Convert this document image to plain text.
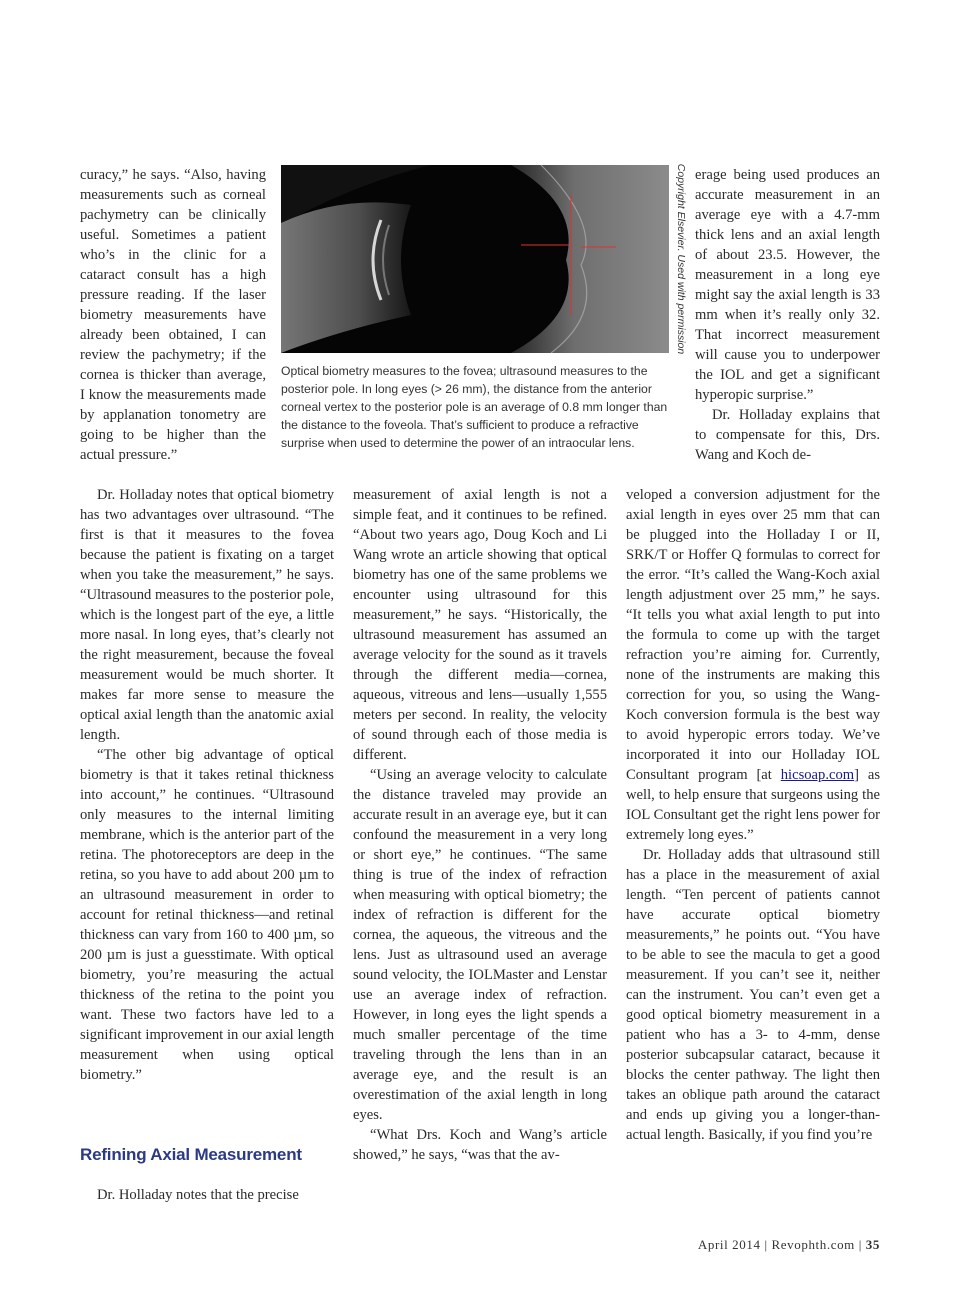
curacy,” he says. “Also, having measurements such as corneal pachymetry can be clinically useful. Sometimes a patient who’s in the clinic for a cataract consult has a high pressure reading. If the laser biometry measurements have already been obtained, I can review the pachymetry; if the cornea is thicker than average, I know the measurements made by applanation tonometry are going to be higher than the actual pressure.”

Copyright Elsevier. Used with permission

Optical biometry measures to the fovea; ultrasound measures to the posterior pole. In long eyes (> 26 mm), the distance from the anterior corneal vertex to the posterior pole is an average of 0.8 mm longer than the distance to the foveola. That’s sufficient to produce a refractive surprise when used to determine the power of an intraocular lens.

Dr. Holladay notes that optical biometry has two advantages over ultrasound. “The first is that it measures to the fovea because the patient is fixating on a target when you take the measurement,” he says. “Ultrasound measures to the posterior pole, which is the longest part of the eye, a little more nasal. In long eyes, that’s clearly not the right measurement, because the foveal measurement would be much shorter. It makes far more sense to measure the optical axial length than the anatomic axial length.

“The other big advantage of optical biometry is that it takes retinal thickness into account,” he continues. “Ultrasound only measures to the internal limiting membrane, which is the anterior part of the retina. The photoreceptors are deep in the retina, so you have to add about 200 µm to an ultrasound measurement in order to account for retinal thickness—and retinal thickness can vary from 160 to 400 µm, so 200 µm is just a guesstimate. With optical biometry, you’re measuring the actual thickness of the retina to the point you want. These two factors have led to a significant improvement in our axial length measurement when using optical biometry.”

Refining Axial Measurement

Dr. Holladay notes that the precise

measurement of axial length is not a simple feat, and it continues to be refined. “About two years ago, Doug Koch and Li Wang wrote an article showing that optical biometry has one of the same problems we encounter using ultrasound for this measurement,” he says. “Historically, the ultrasound measurement has assumed an average velocity for the sound as it travels through the different media—cornea, aqueous, vitreous and lens—usually 1,555 meters per second. In reality, the velocity of sound through each of those media is different.

“Using an average velocity to calculate the distance traveled may provide an accurate result in an average eye, but it can confound the measurement in a very long or short eye,” he continues. “The same thing is true of the index of refraction when measuring with optical biometry; the index of refraction is different for the cornea, the aqueous, the vitreous and the lens. Just as ultrasound used an average sound velocity, the IOLMaster and Lenstar use an average index of refraction. However, in long eyes the light spends a much smaller percentage of the time traveling through the lens than in an average eye, and the result is an overestimation of the axial length in long eyes.

“What Drs. Koch and Wang’s article showed,” he says, “was that the av-

erage being used produces an accurate measurement in an average eye with a 4.7-mm thick lens and an axial length of about 23.5. However, the measurement in a long eye might say the axial length is 33 mm when it’s really only 32. That incorrect measurement will cause you to underpower the IOL and get a significant hyperopic surprise.”

Dr. Holladay explains that to compensate for this, Drs. Wang and Koch de-

veloped a conversion adjustment for the axial length in eyes over 25 mm that can be plugged into the Holladay I or II, SRK/T or Hoffer Q formulas to correct for the error. “It’s called the Wang-Koch axial length adjustment over 25 mm,” he says. “It tells you what axial length to put into the formula to come up with the target refraction you’re aiming for. Currently, none of the instruments are making this correction for you, so using the Wang-Koch conversion formula is the best way to avoid hyperopic errors today. We’ve incorporated it into our Holladay IOL Consultant program [at hicsoap.com] as well, to help ensure that surgeons using the IOL Consultant get the right lens power for extremely long eyes.”

Dr. Holladay adds that ultrasound still has a place in the measurement of axial length. “Ten percent of patients cannot have accurate optical biometry measurements,” he points out. “You have to be able to see the macula to get a good measurement. If you can’t see it, neither can the instrument. You can’t even get a good optical biometry measurement in a patient who has a 3- to 4-mm, dense posterior subcapsular cataract, because it blocks the center pathway. The light then takes an oblique path around the cataract and ends up giving you a longer-than-actual length. Basically, if you find you’re

April 2014 | Revophth.com | 35
